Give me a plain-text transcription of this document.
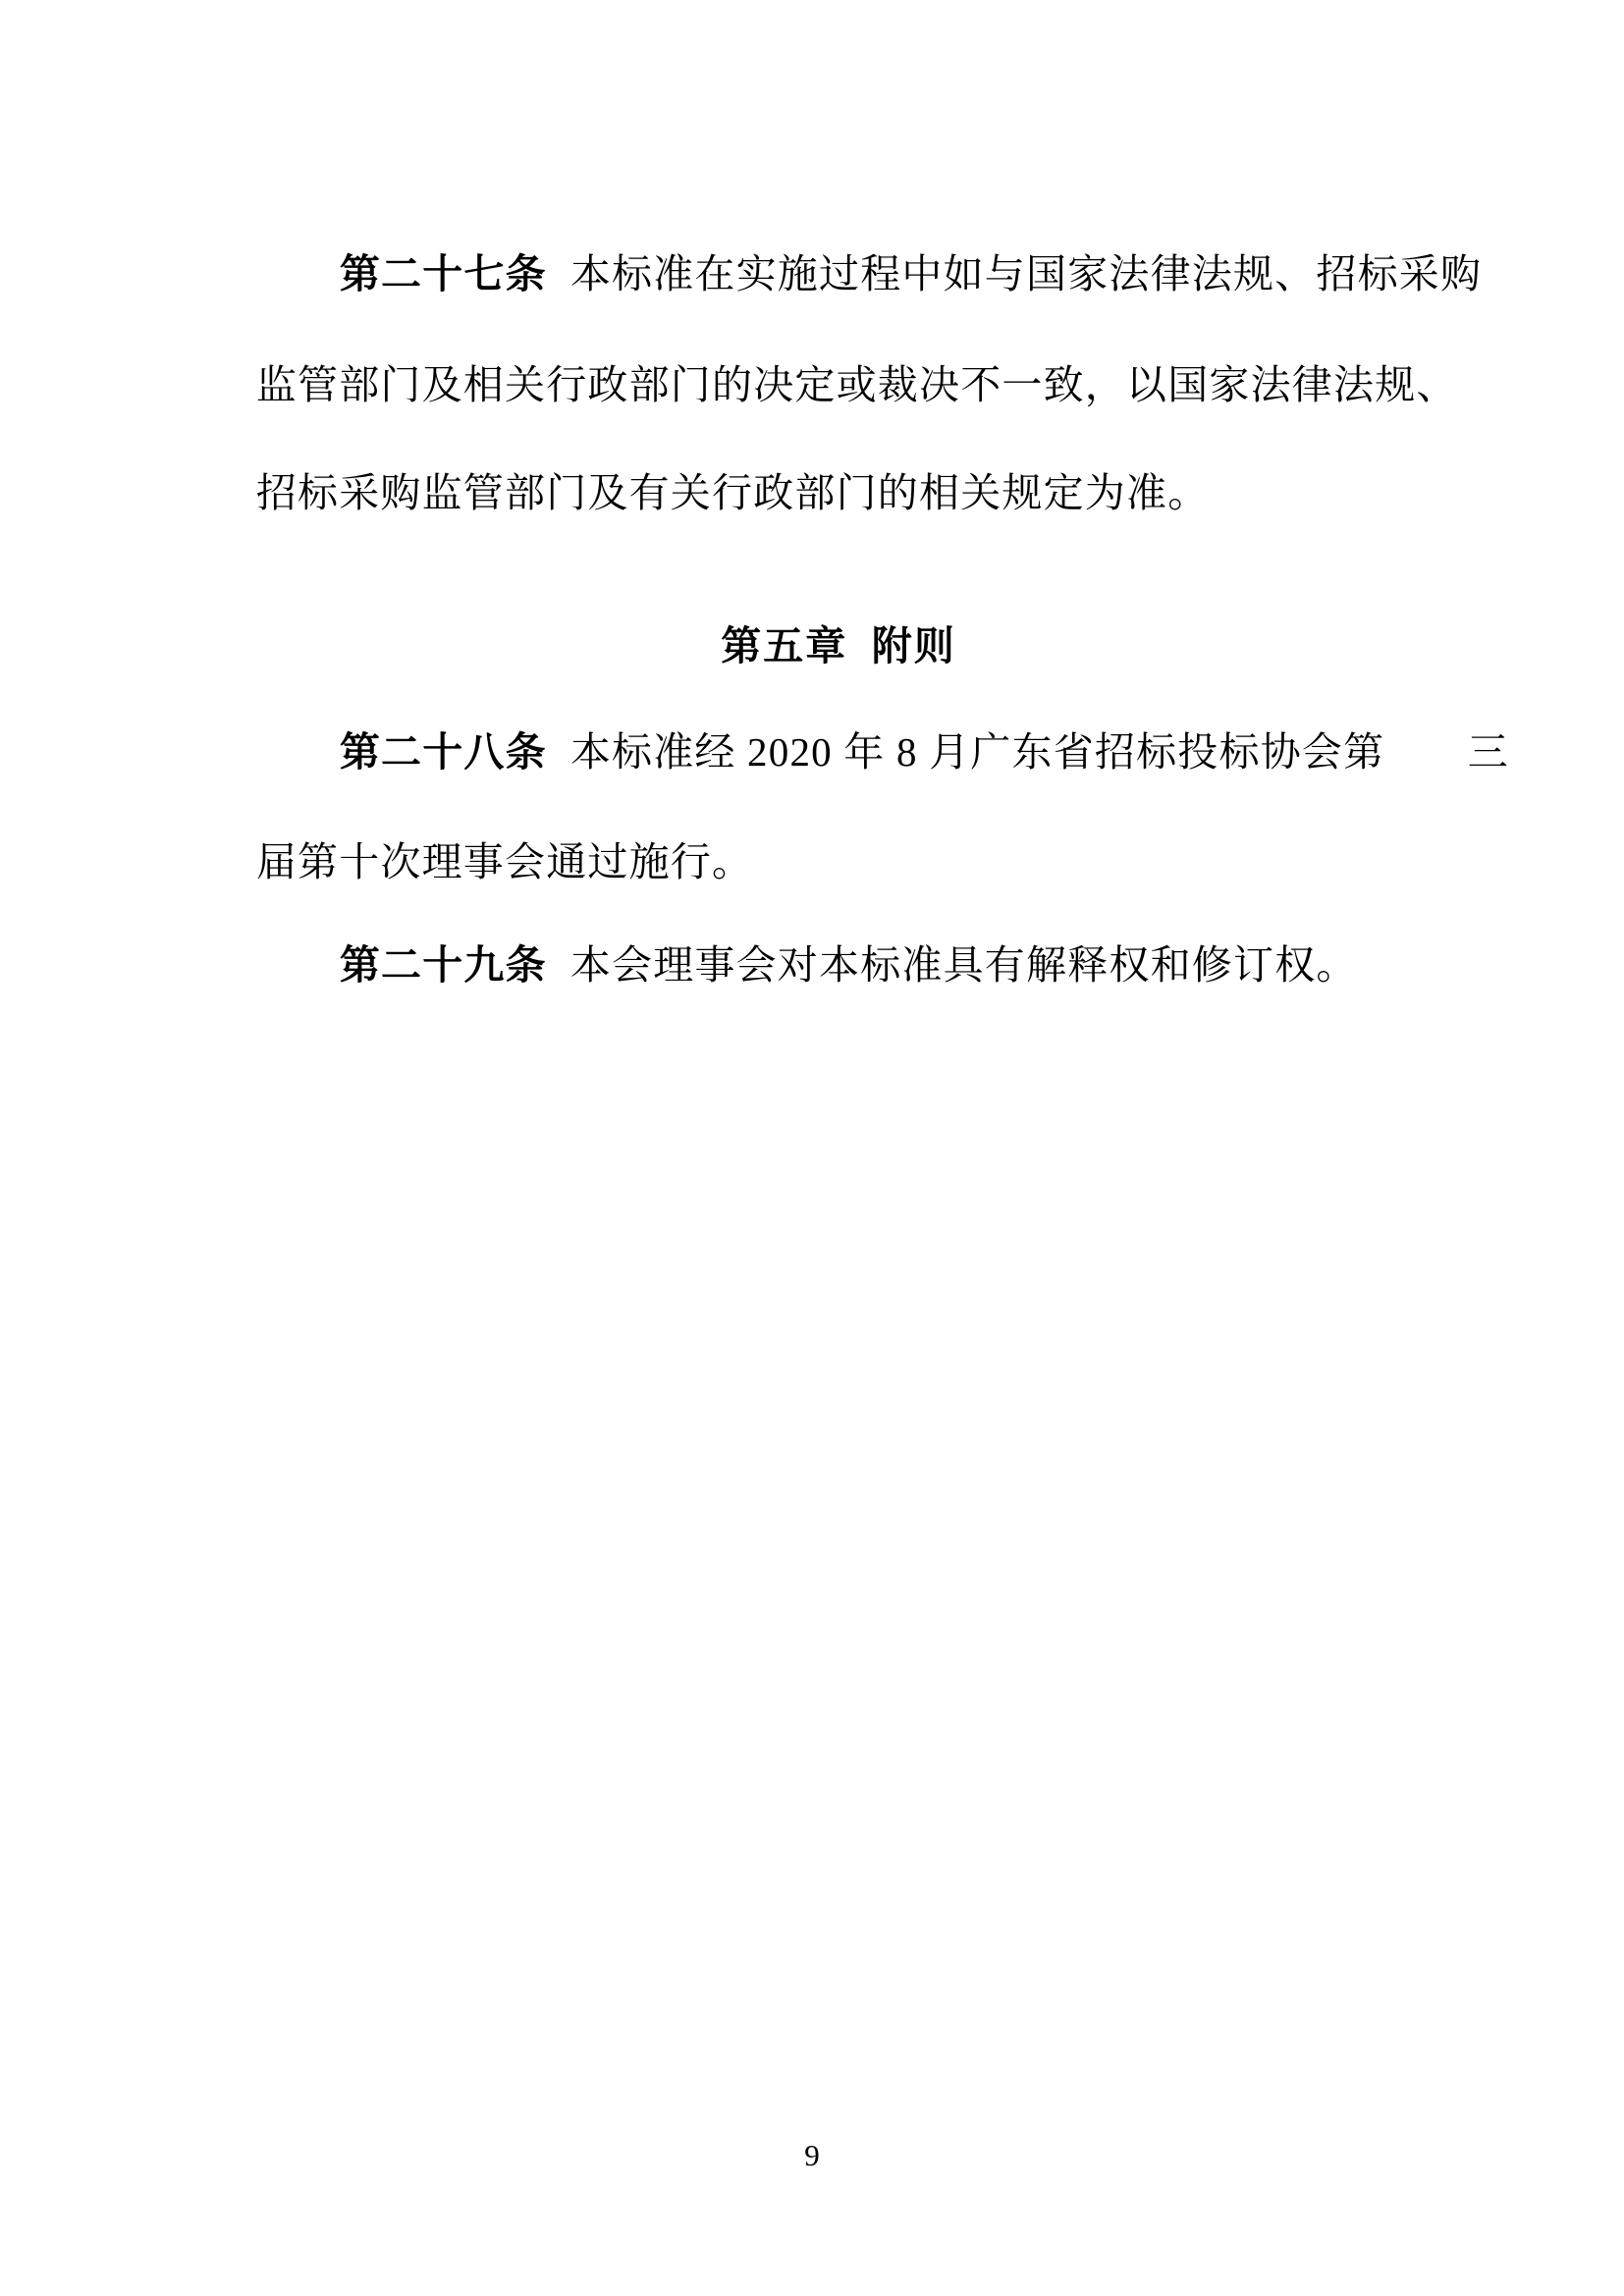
第二十七条 本标准在实施过程中如与国家法律法规、招标采购

监管部门及相关行政部门的决定或裁决不一致，以国家法律法规、

招标采购监管部门及有关行政部门的相关规定为准。

第五章  附则

第二十八条 本标准经 2020 年 8 月广东省招标投标协会第　　三

届第十次理事会通过施行。

第二十九条 本会理事会对本标准具有解释权和修订权。

9
